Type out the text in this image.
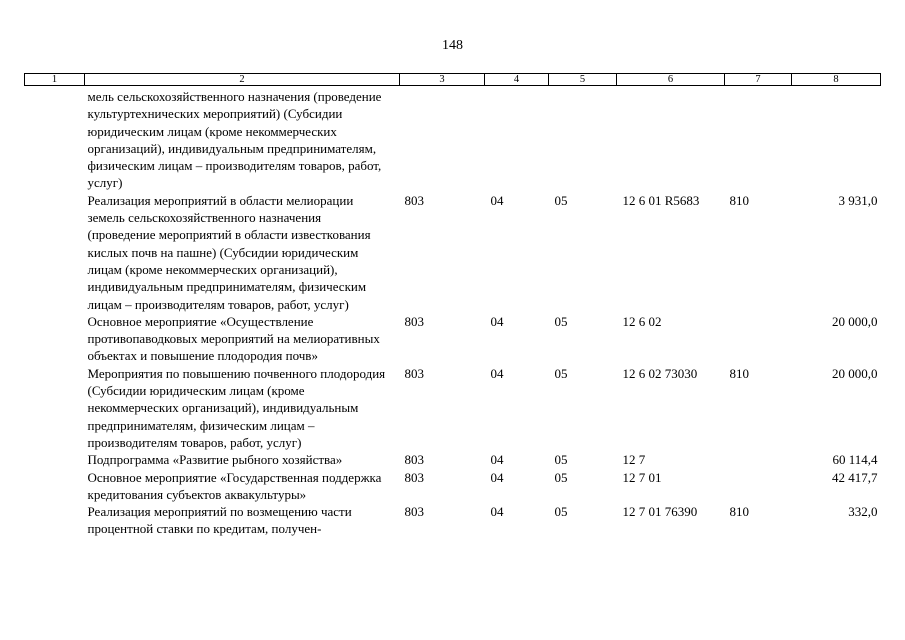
148
1	2	3	4	5	6	7	8
	мель сельскохозяйственного назначения (проведение культуртехнических мероприятий) (Субсидии юридическим лицам (кроме некоммерческих организаций), индивидуальным предпринимателям, физическим лицам – производителям товаров, работ, услуг)						
	Реализация мероприятий в области мелиорации земель сельскохозяйственного назначения (проведение мероприятий в области известкования кислых почв на пашне) (Субсидии юридическим лицам (кроме некоммерческих организаций), индивидуальным предпринимателям, физическим лицам – производителям товаров, работ, услуг)	803	04	05	12 6 01 R5683	810	3 931,0
	Основное мероприятие «Осуществление противопаводковых мероприятий на мелиоративных объектах и повышение плодородия почв»	803	04	05	12 6 02		20 000,0
	Мероприятия по повышению почвенного плодородия (Субсидии юридическим лицам (кроме некоммерческих организаций), индивидуальным предпринимателям, физическим лицам – производителям товаров, работ, услуг)	803	04	05	12 6 02 73030	810	20 000,0
	Подпрограмма «Развитие рыбного хозяйства»	803	04	05	12 7		60 114,4
	Основное мероприятие «Государственная поддержка кредитования субъектов аквакультуры»	803	04	05	12 7 01		42 417,7
	Реализация мероприятий по возмещению части процентной ставки по кредитам, получен-	803	04	05	12 7 01 76390	810	332,0
